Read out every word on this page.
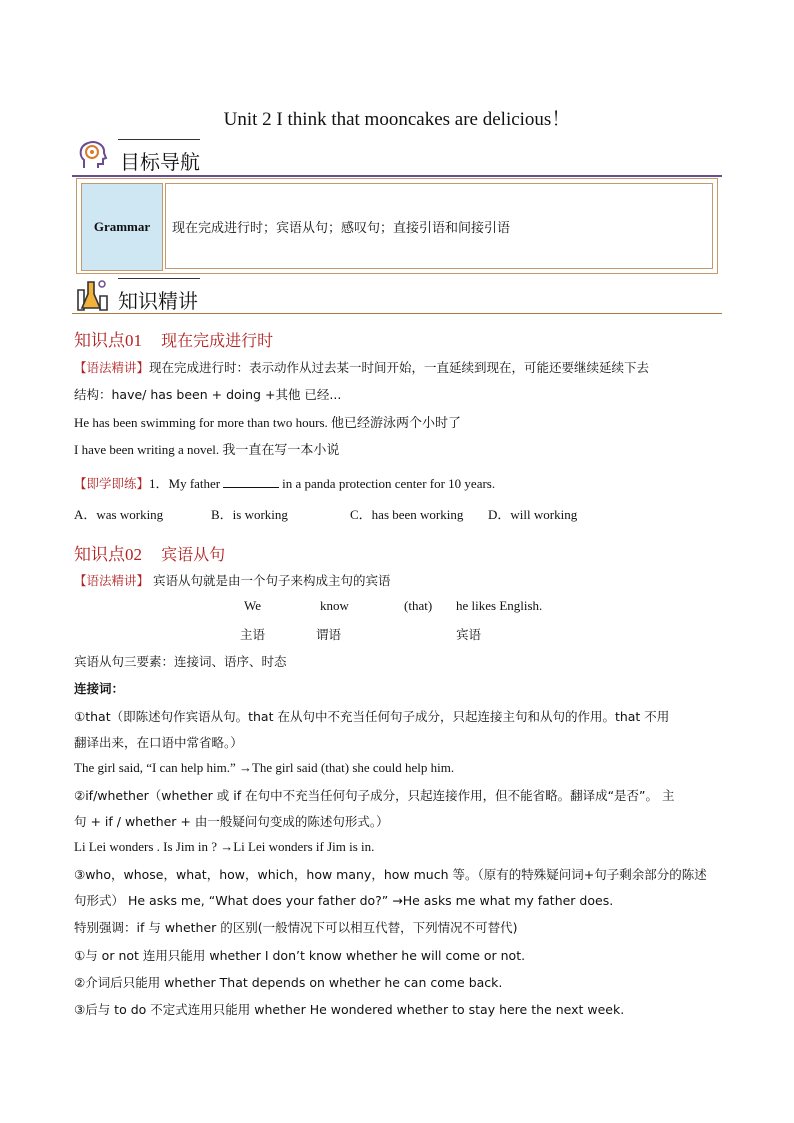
Unit 2 I think that mooncakes are delicious！
目标导航
Grammar	现在完成进行时；宾语从句；感叹句；直接引语和间接引语
知识精讲
知识点01 现在完成进行时
【语法精讲】现在完成进行时：表示动作从过去某一时间开始，一直延续到现在，可能还要继续延续下去
结构：have/ has been + doing +其他 已经...
He has been swimming for more than two hours. 他已经游泳两个小时了
I have been writing a novel. 我一直在写一本小说
【即学即练】1．My father	in a panda protection center for 10 years.
A．was working	B．is working	C．has been working D．will working
知识点02 宾语从句
【语法精讲】 宾语从句就是由一个句子来构成主句的宾语
We	know	(that) he likes English.
主语	谓语	宾语
宾语从句三要素：连接词、语序、时态
连接词：
①that（即陈述句作宾语从句。that 在从句中不充当任何句子成分，只起连接主句和从句的作用。that 不用
翻译出来，在口语中常省略。）
The girl said, “I can help him.” →The girl said (that) she could help him.
②if/whether（whether 或 if 在句中不充当任何句子成分，只起连接作用，但不能省略。翻译成“是否”。 主
句 + if / whether + 由一般疑问句变成的陈述句形式。）
Li Lei wonders . Is Jim in ? →Li Lei wonders if Jim is in.
③who，whose，what，how，which，how many，how much 等。（原有的特殊疑问词+句子剩余部分的陈述
句形式） He asks me, “What does your father do?” →He asks me what my father does.
特别强调：if 与 whether 的区别(一般情况下可以相互代替，下列情况不可替代)
①与 or not 连用只能用 whether I don’t know whether he will come or not.
②介词后只能用 whether That depends on whether he can come back.
③后与 to do 不定式连用只能用 whether He wondered whether to stay here the next week.
